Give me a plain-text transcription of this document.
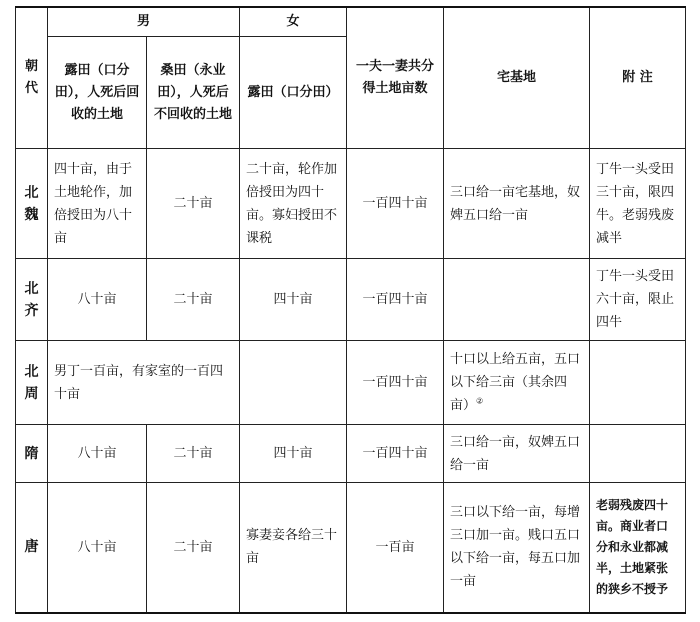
朝代	男		女	一夫一妻共分得土地亩数	宅基地	附 注
	露田（口分田），人死后回收的土地	桑田（永业田），人死后不回收的土地	露田（口分田）			
北魏	四十亩，由于土地轮作，加倍授田为八十亩	二十亩	二十亩，轮作加倍授田为四十亩。寡妇授田不课税	一百四十亩	三口给一亩宅基地，奴婢五口给一亩	丁牛一头受田三十亩，限四牛。老弱残废减半
北齐	八十亩	二十亩	四十亩	一百四十亩		丁牛一头受田六十亩，限止四牛
北周	男丁一百亩，有家室的一百四十亩			一百四十亩	十口以上给五亩，五口以下给三亩（其余四亩）②	
隋	八十亩	二十亩	四十亩	一百四十亩	三口给一亩，奴婢五口给一亩	
唐	八十亩	二十亩	寡妻妾各给三十亩	一百亩	三口以下给一亩，每增三口加一亩。贱口五口以下给一亩，每五口加一亩	老弱残废四十亩。商业者口分和永业都减半，土地紧张的狭乡不授予
